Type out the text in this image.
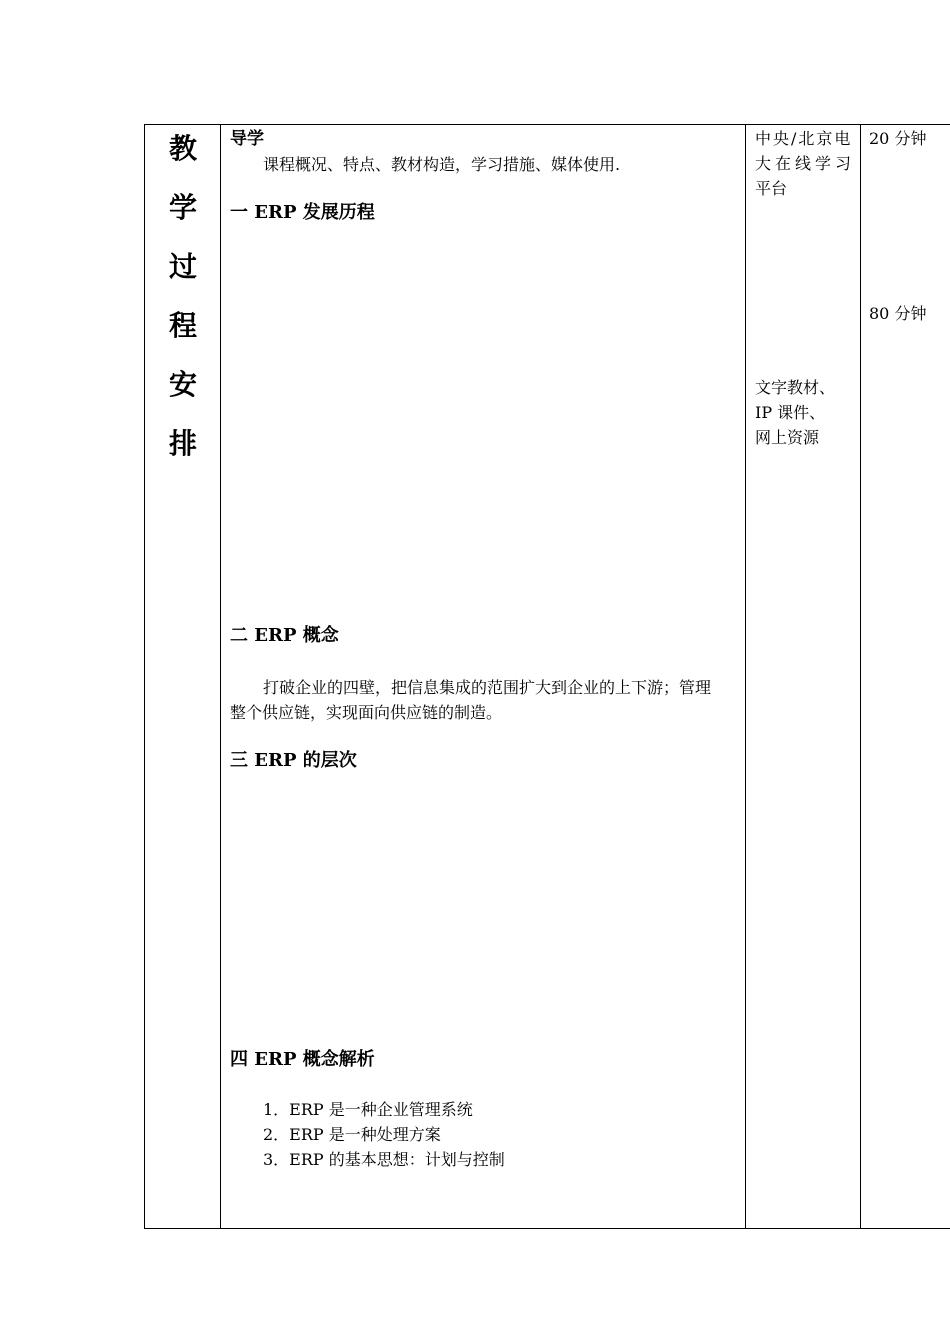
教
学
过
程
安
排
导学
课程概况、特点、教材构造，学习措施、媒体使用.
一 ERP 发展历程
二 ERP 概念
打破企业的四壁，把信息集成的范围扩大到企业的上下游；管理
整个供应链，实现面向供应链的制造。
三 ERP 的层次
四 ERP 概念解析
1．ERP 是一种企业管理系统
2．ERP 是一种处理方案
3．ERP 的基本思想：计划与控制
中央/北京电
大在线学习
平台
文字教材、
IP 课件、
网上资源
20 分钟
80 分钟
